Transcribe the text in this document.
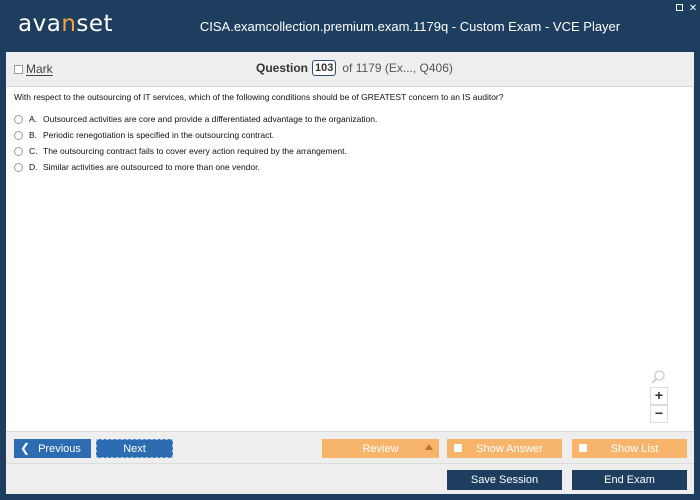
avanset	CISA.examcollection.premium.exam.1179q - Custom Exam - VCE Player
✕
Mark	Question 103 of 1179 (Ex..., Q406)
With respect to the outsourcing of IT services, which of the following conditions should be of GREATEST concern to an IS auditor?
A. Outsourced activities are core and provide a differentiated advantage to the organization.
B. Periodic renegotiation is specified in the outsourcing contract.
C. The outsourcing contract fails to cover every action required by the arrangement.
D. Similar activities are outsourced to more than one vendor.
+
−
❮ Previous	Next	Review	Show Answer	Show List
Save Session	End Exam
